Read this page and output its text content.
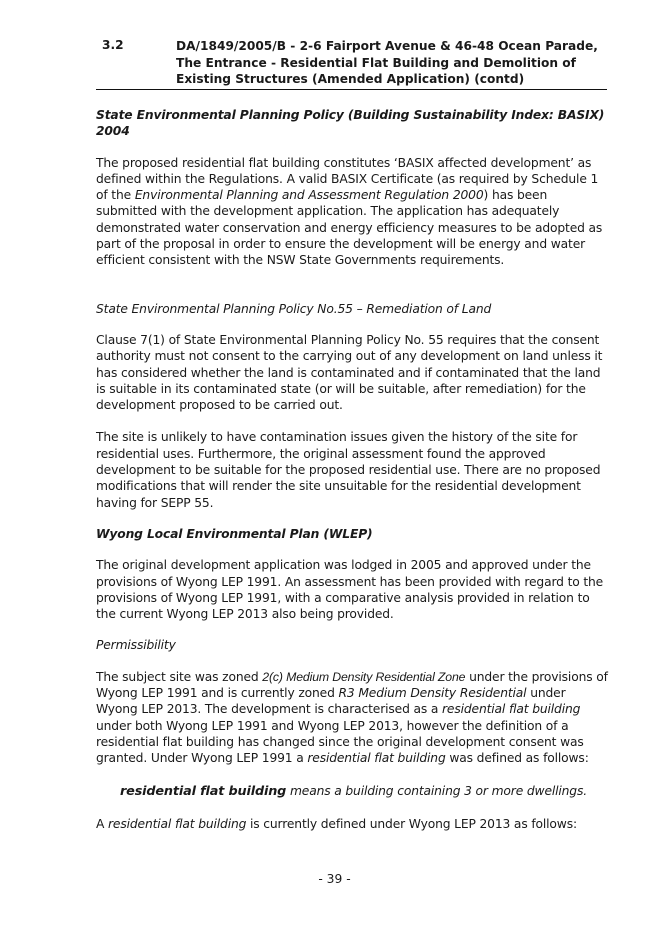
3.2	DA/1849/2005/B - 2-6 Fairport Avenue & 46-48 Ocean Parade, The Entrance - Residential Flat Building and Demolition of Existing Structures (Amended Application) (contd)

State Environmental Planning Policy (Building Sustainability Index: BASIX) 2004

The proposed residential flat building constitutes ‘BASIX affected development’ as defined within the Regulations. A valid BASIX Certificate (as required by Schedule 1 of the Environmental Planning and Assessment Regulation 2000) has been submitted with the development application. The application has adequately demonstrated water conservation and energy efficiency measures to be adopted as part of the proposal in order to ensure the development will be energy and water efficient consistent with the NSW State Governments requirements.

State Environmental Planning Policy No.55 – Remediation of Land

Clause 7(1) of State Environmental Planning Policy No. 55 requires that the consent authority must not consent to the carrying out of any development on land unless it has considered whether the land is contaminated and if contaminated that the land is suitable in its contaminated state (or will be suitable, after remediation) for the development proposed to be carried out.

The site is unlikely to have contamination issues given the history of the site for residential uses. Furthermore, the original assessment found the approved development to be suitable for the proposed residential use. There are no proposed modifications that will render the site unsuitable for the residential development having for SEPP 55.

Wyong Local Environmental Plan (WLEP)

The original development application was lodged in 2005 and approved under the provisions of Wyong LEP 1991. An assessment has been provided with regard to the provisions of Wyong LEP 1991, with a comparative analysis provided in relation to the current Wyong LEP 2013 also being provided.

Permissibility

The subject site was zoned 2(c) Medium Density Residential Zone under the provisions of Wyong LEP 1991 and is currently zoned R3 Medium Density Residential under Wyong LEP 2013. The development is characterised as a residential flat building under both Wyong LEP 1991 and Wyong LEP 2013, however the definition of a residential flat building has changed since the original development consent was granted. Under Wyong LEP 1991 a residential flat building was defined as follows:

residential flat building means a building containing 3 or more dwellings.

A residential flat building is currently defined under Wyong LEP 2013 as follows:

- 39 -
